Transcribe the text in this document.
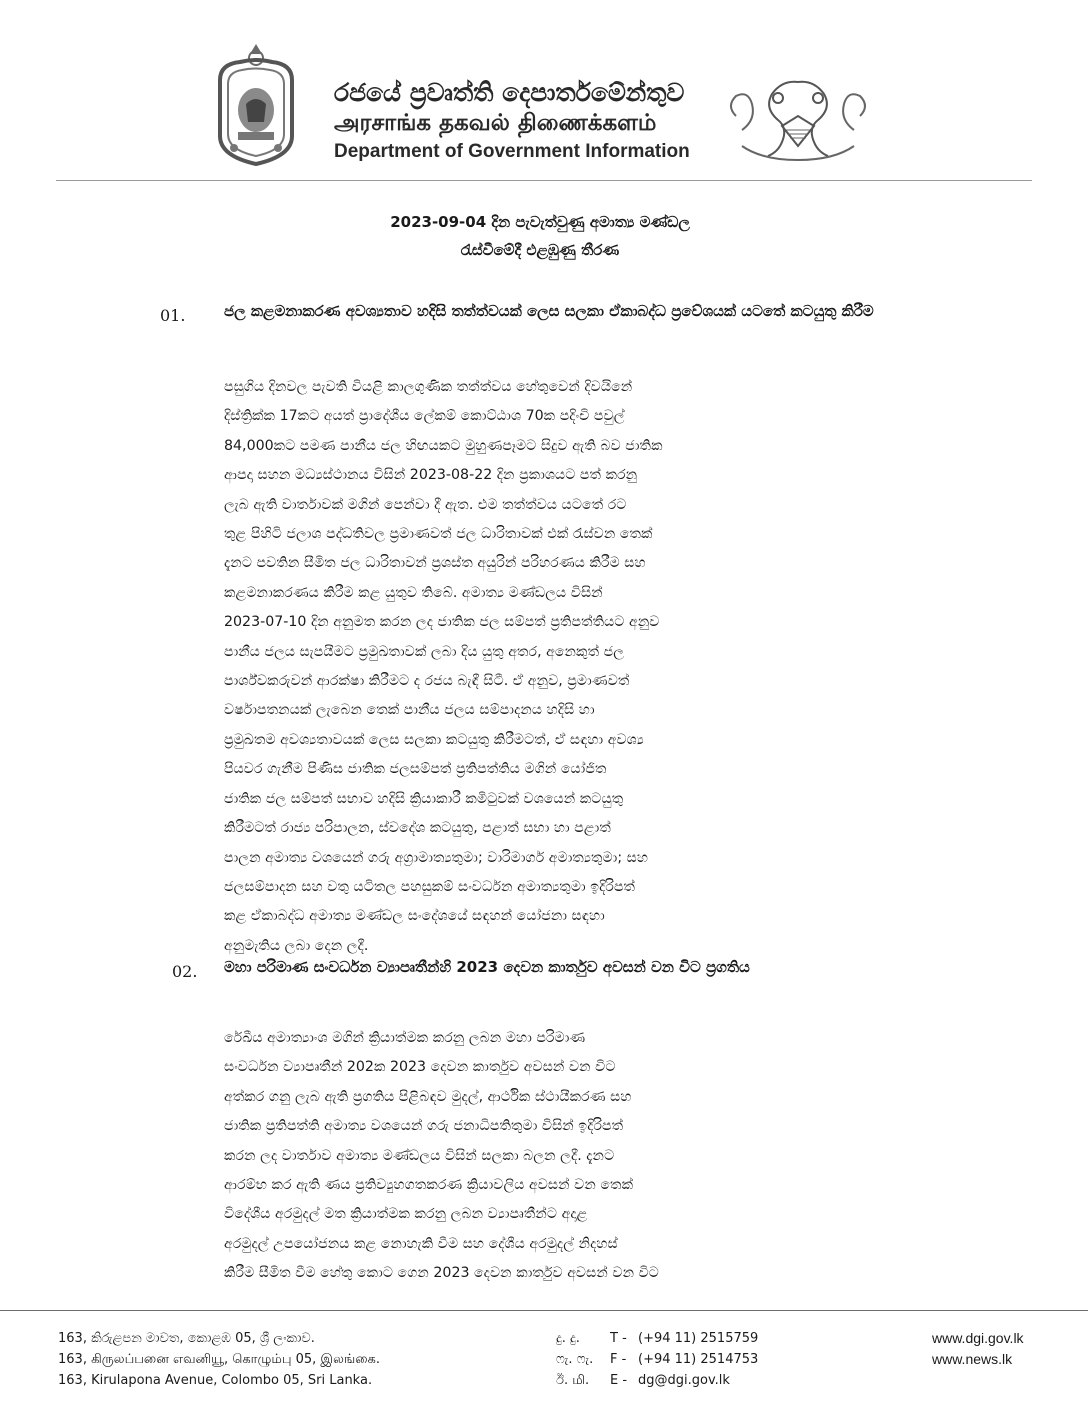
රජයේ ප්‍රවෘත්ති දෙපාර්තමේන්තුව
அரசாங்க தகவல் திணைக்களம்
Department of Government Information
2023-09-04 දින පැවැත්වුණු අමාත්‍ය මණ්ඩල
රැස්වීමේදී එළඹුණු තීරණ
01.	ජල කළමනාකරණ අවශ්‍යතාව හදිසි තත්ත්වයක් ලෙස සලකා ඒකාබද්ධ ප්‍රවේශයක් යටතේ කටයුතු කිරීම
පසුගිය දිනවල පැවති වියළි කාලගුණික තත්ත්වය හේතුවෙන් දිවයිනේ
දිස්ත්‍රික්ක 17කට අයත් ප්‍රාදේශීය ලේකම් කොට්ඨාශ 70ක පදිංචි පවුල්
84,000කට පමණ පානීය ජල හිඟයකට මුහුණපෑමට සිදුව ඇති බව ජාතික
ආපදා සහන මධ්‍යස්ථානය විසින් 2023-08-22 දින ප්‍රකාශයට පත් කරනු
ලැබ ඇති වාර්තාවක් මගින් පෙන්වා දී ඇත. එම තත්ත්වය යටතේ රට
තුළ පිහිටි ජලාශ පද්ධතිවල ප්‍රමාණවත් ජල ධාරිතාවක් එක් රැස්වන තෙක්
දැනට පවතින සීමිත ජල ධාරිතාවන් ප්‍රශස්ත අයුරින් පරිහරණය කිරීම සහ
කළමනාකරණය කිරීම කළ යුතුව තිබේ. අමාත්‍ය මණ්ඩලය විසින්
2023-07-10 දින අනුමත කරන ලද ජාතික ජල සම්පත් ප්‍රතිපත්තියට අනුව
පානීය ජලය සැපයීමට ප්‍රමුඛතාවක් ලබා දිය යුතු අතර, අනෙකුත් ජල
පාර්ශ්වකරුවන් ආරක්ෂා කිරීමට ද රජය බැඳී සිටී. ඒ අනුව, ප්‍රමාණවත්
වර්ෂාපතනයක් ලැබෙන තෙක් පානීය ජලය සම්පාදනය හදිසි හා
ප්‍රමුඛතම අවශ්‍යතාවයක් ලෙස සලකා කටයුතු කිරීමටත්, ඒ සඳහා අවශ්‍ය
පියවර ගැනීම පිණිස ජාතික ජලසම්පත් ප්‍රතිපත්තිය මගින් යෝජිත
ජාතික ජල සම්පත් සභාව හදිසි ක්‍රියාකාරී කමිටුවක් වශයෙන් කටයුතු
කිරීමටත් රාජ්‍ය පරිපාලන, ස්වදේශ කටයුතු, පළාත් සභා හා පළාත්
පාලන අමාත්‍ය වශයෙන් ගරු අග්‍රාමාත්‍යතුමා; වාරිමාර්ග අමාත්‍යතුමා; සහ
ජලසම්පාදන සහ වතු යටිතල පහසුකම් සංවර්ධන අමාත්‍යතුමා ඉදිරිපත්
කළ ඒකාබද්ධ අමාත්‍ය මණ්ඩල සංදේශයේ සඳහන් යෝජනා සඳහා
අනුමැතිය ලබා දෙන ලදී.
02. මහා පරිමාණ සංවර්ධන ව්‍යාපෘතීන්හි 2023 දෙවන කාර්තුව අවසන් වන විට ප්‍රගතිය
රේඛීය අමාත්‍යාංශ මගින් ක්‍රියාත්මක කරනු ලබන මහා පරිමාණ
සංවර්ධන ව්‍යාපෘතීන් 202ක 2023 දෙවන කාර්තුව අවසන් වන විට
අත්කර ගනු ලැබ ඇති ප්‍රගතිය පිළිබඳව මුදල්, ආර්ථික ස්ථායීකරණ සහ
ජාතික ප්‍රතිපත්ති අමාත්‍ය වශයෙන් ගරු ජනාධිපතිතුමා විසින් ඉදිරිපත්
කරන ලද වාර්තාව අමාත්‍ය මණ්ඩලය විසින් සලකා බලන ලදී. දැනට
ආරම්භ කර ඇති ණය ප්‍රතිව්‍යුහගතකරණ ක්‍රියාවලිය අවසන් වන තෙක්
විදේශීය අරමුදල් මත ක්‍රියාත්මක කරනු ලබන ව්‍යාපෘතීන්ට අදාළ
අරමුදල් උපයෝජනය කළ නොහැකි වීම සහ දේශීය අරමුදල් නිදහස්
කිරීම සීමිත වීම හේතු කොට ගෙන 2023 දෙවන කාර්තුව අවසන් වන විට
163, කිරුළපන මාවත, කොළඹ 05, ශ්‍රී ලංකාව.
163, கிருலப்பனை எவனியூ, கொழும்பு 05, இலங்கை.
163, Kirulapona Avenue, Colombo 05, Sri Lanka.
දු. ‍දු.T - (+94 11) 2515759
ෆැ. ෆැ. F - (+94 11) 2514753
ඊ. மி. E - dg@dgi.gov.lk
www.dgi.gov.lk
www.news.lk
